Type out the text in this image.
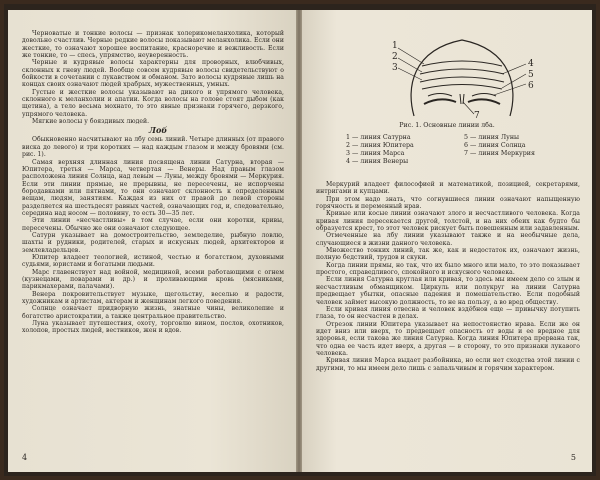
Черноватые и тонкие волосы — признак холерикомеланхолика, который довольно счастлив. Черные редкие волосы показывают меланхолика. Если они жесткие, то означают хорошее воспитание, красноречие и вежливость. Если же тонкие, то — спесь, упрямство, неуверенность.

Черные и кудрявые волосы характерны для проворных, влюбчивых, склонных к гневу людей. Вообще совсем кудрявые волосы свидетельствуют о бойкости в сочетании с лукавством и обманом. Зато волосы кудрявые лишь на концах своих означают людей храбрых, мужественных, умных.

Густые и жесткие волосы указывают на дикого и упрямого человека, склонного к меланхолии и апатии. Когда волосы на голове стоят дыбом (как щетина), а тело весьма мохнато, то это явные признаки горячего, дерзкого, упрямого человека.

Мягкие волосы у бояздивых людей.

Лоб

Обыкновенно насчитывают на лбу семь линий. Четыре длинных (от правого виска до левого) и три коротких — над каждым глазом и между бровями (см. рис. 1).

Самая верхняя длинная линия посвящена линии Сатурна, вторая — Юпитера, третья — Марса, четвертая — Венеры. Над правым глазом расположена линия Солнца, над левым — Луны, между бровями — Меркурия. Если эти линии прямые, не прерывны, не пересечены, не испорчены бородавками или пятнами, то они означают склонность к определенным вещам, людям, занятиям. Каждая из них от правой до левой стороны разделяется на шестьдесят равных частей, означающих год, и, следовательно, середина над носом — половину, то есть 30—35 лет.

Эти линии «несчастливы» в том случае, если они коротки, кривы, пересечены. Обычно же они означают следующее.

Сатурн указывает на домостроительство, земледелие, рыбную ловлю, шахты и рудники, родителей, старых и искусных людей, архитекторов и землевладельцев.

Юпитер владеет теологией, истиной, честью и богатством, духовными судьями, юристами и богатыми людьми.

Марс главенствует над войной, медициной, всеми работающими с огнем (кузнецами, поварами и др.) и проливающими кровь (мясниками, парикмахерами, палачами).

Венера покровительствует музыке, щегольству, веселью и радости, художникам и артистам, актерам и женщинам легкого поведения.

Солнце означает придворную жизнь, знатные чины, великолепие и богатство аристократии, а также центральное правительство.

Луна указывает путешествия, охоту, торговлю вином, послов, охотников, холопов, простых людей, вестников, жен и вдов.

4
1
2
3	4
5
6
7
Рис. 1. Основные линии лба.
1 — линия Сатурна	5 — линия Луны
2 — линия Юпитера	6 — линия Солнца
3 — линия Марса	7 — линия Меркурия
4 — линия Венеры

Меркурий владеет философией и математикой, позицией, секретарями, интригами и купцами.

При этом надо знать, что согнувшиеся линии означают напыщенную горячность и переменный нрав.

Кривые или косые линии означают злого и несчастливого человека. Когда кривая линия пересекается другой, толстой, и на них обеих как будто бы образуется крест, то этот человек рискует быть повешенным или задавленным.

Отмеченные на лбу линии указывают также и на необычные дела, случающиеся в жизни данного человека.

Множество тонких линий, так же, как и недостаток их, означают жизнь, полную бедствий, трудов и скуки.

Когда линии прямы, но так, что их было много или мало, то это показывает простого, справедливого, спокойного и искусного человека.

Если линия Сатурна круглая или кривая, то здесь мы имеем дело со злым и несчастливым обманщиком. Циркуль или полукруг на линии Сатурна предвещает убытки, опасные падения и помешательство. Если подобный человек займет высокую должность, то не на пользу, а во вред обществу.

Если кривая линия отвесна и человек вздёбнов еще — привычку потупить глаза, то он несчастен в делах.

Отрезок линии Юпитера указывает на непостоянство нрава. Если же он идет вниз или вверх, то предвещает опасность от воды и ее вредное для здоровья, если такова же линия Сатурна. Когда линия Юпитера прервана так, что одна ее часть идет вверх, а другая — в сторону, то это признаки лукавого человека.

Кривая линия Марса выдает разбойника, но если нет сходства этой линии с другими, то мы имеем дело лишь с запальчивым и горячим характером.

5
